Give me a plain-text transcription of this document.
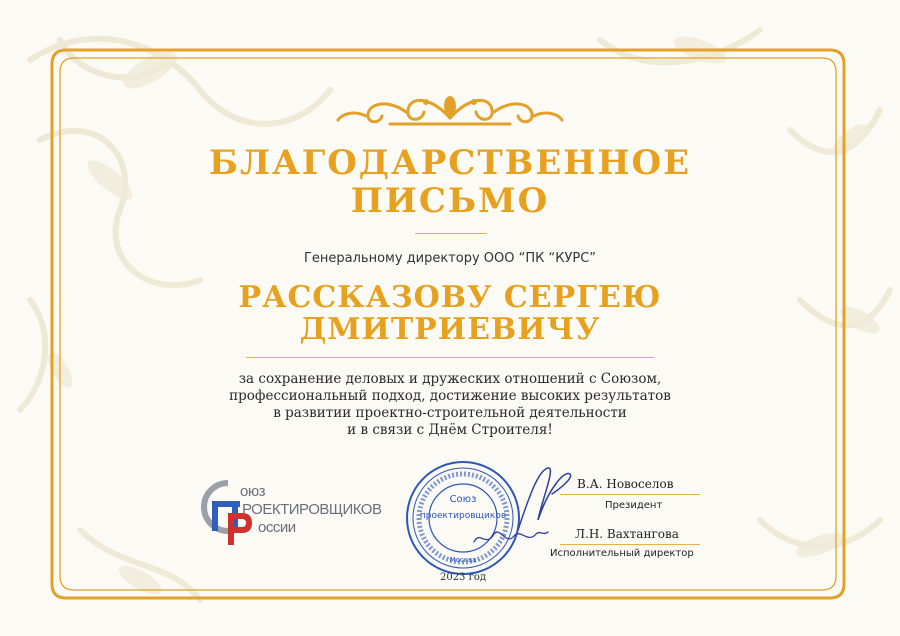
БЛАГОДАРСТВЕННОЕ
ПИСЬМО
Генеральному директору ООО “ПК “КУРС”
РАССКАЗОВУ СЕРГЕЮ
ДМИТРИЕВИЧУ
за сохранение деловых и дружеских отношений с Союзом,
профессиональный подход, достижение высоких результатов
в развитии проектно-строительной деятельности
и в связи с Днём Строителя!
оюз
РОЕКТИРОВЩИКОВ
оссии
Союз
проектировщиков
Москва
2023 год
В.А. Новоселов
Президент
Л.Н. Вахтангова
Исполнительный директор
